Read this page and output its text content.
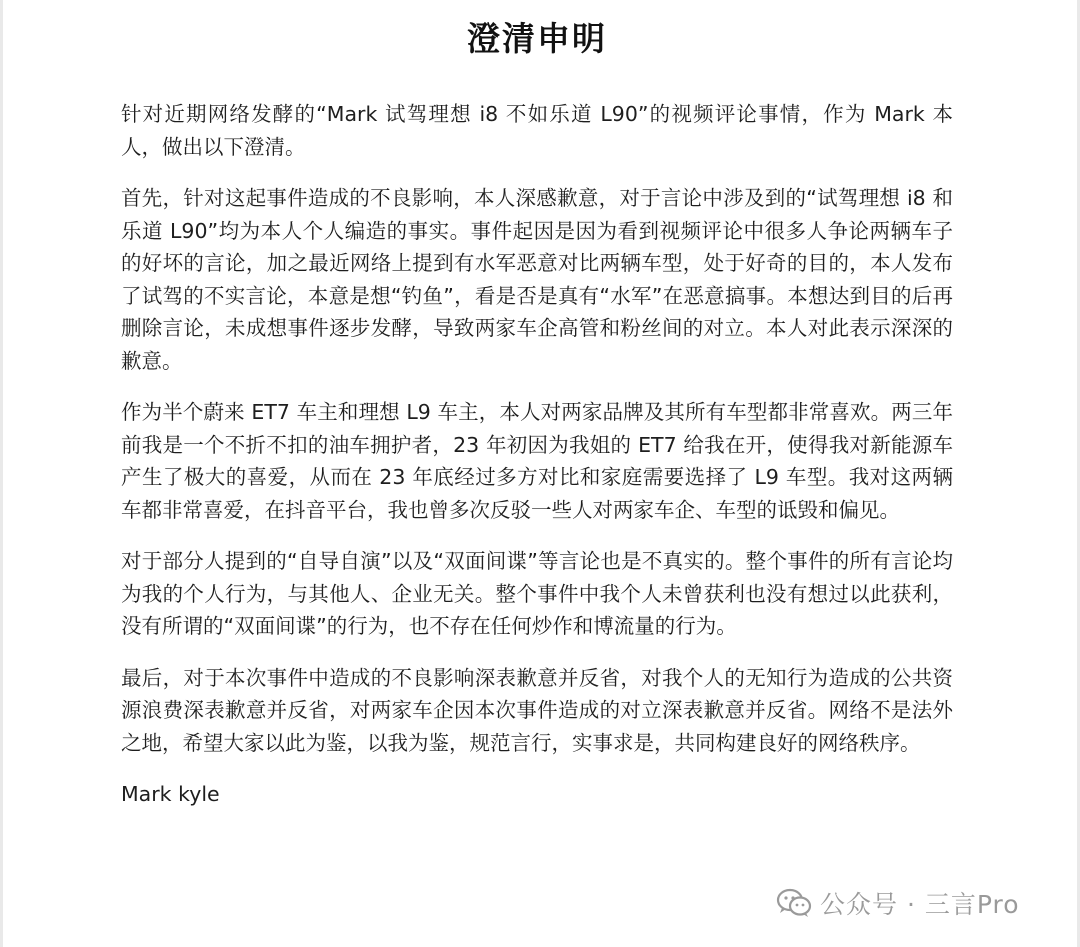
澄清申明

针对近期网络发酵的“Mark 试驾理想 i8 不如乐道 L90”的视频评论事情，作为 Mark 本人，做出以下澄清。

首先，针对这起事件造成的不良影响，本人深感歉意，对于言论中涉及到的“试驾理想 i8 和乐道 L90”均为本人个人编造的事实。事件起因是因为看到视频评论中很多人争论两辆车子的好坏的言论，加之最近网络上提到有水军恶意对比两辆车型，处于好奇的目的，本人发布了试驾的不实言论，本意是想“钓鱼”，看是否是真有“水军”在恶意搞事。本想达到目的后再删除言论，未成想事件逐步发酵，导致两家车企高管和粉丝间的对立。本人对此表示深深的歉意。

作为半个蔚来 ET7 车主和理想 L9 车主，本人对两家品牌及其所有车型都非常喜欢。两三年前我是一个不折不扣的油车拥护者，23 年初因为我姐的 ET7 给我在开，使得我对新能源车产生了极大的喜爱，从而在 23 年底经过多方对比和家庭需要选择了 L9 车型。我对这两辆车都非常喜爱，在抖音平台，我也曾多次反驳一些人对两家车企、车型的诋毁和偏见。

对于部分人提到的“自导自演”以及“双面间谍”等言论也是不真实的。整个事件的所有言论均为我的个人行为，与其他人、企业无关。整个事件中我个人未曾获利也没有想过以此获利，没有所谓的“双面间谍”的行为，也不存在任何炒作和博流量的行为。

最后，对于本次事件中造成的不良影响深表歉意并反省，对我个人的无知行为造成的公共资源浪费深表歉意并反省，对两家车企因本次事件造成的对立深表歉意并反省。网络不是法外之地，希望大家以此为鉴，以我为鉴，规范言行，实事求是，共同构建良好的网络秩序。

Mark kyle
公众号 · 三言Pro
